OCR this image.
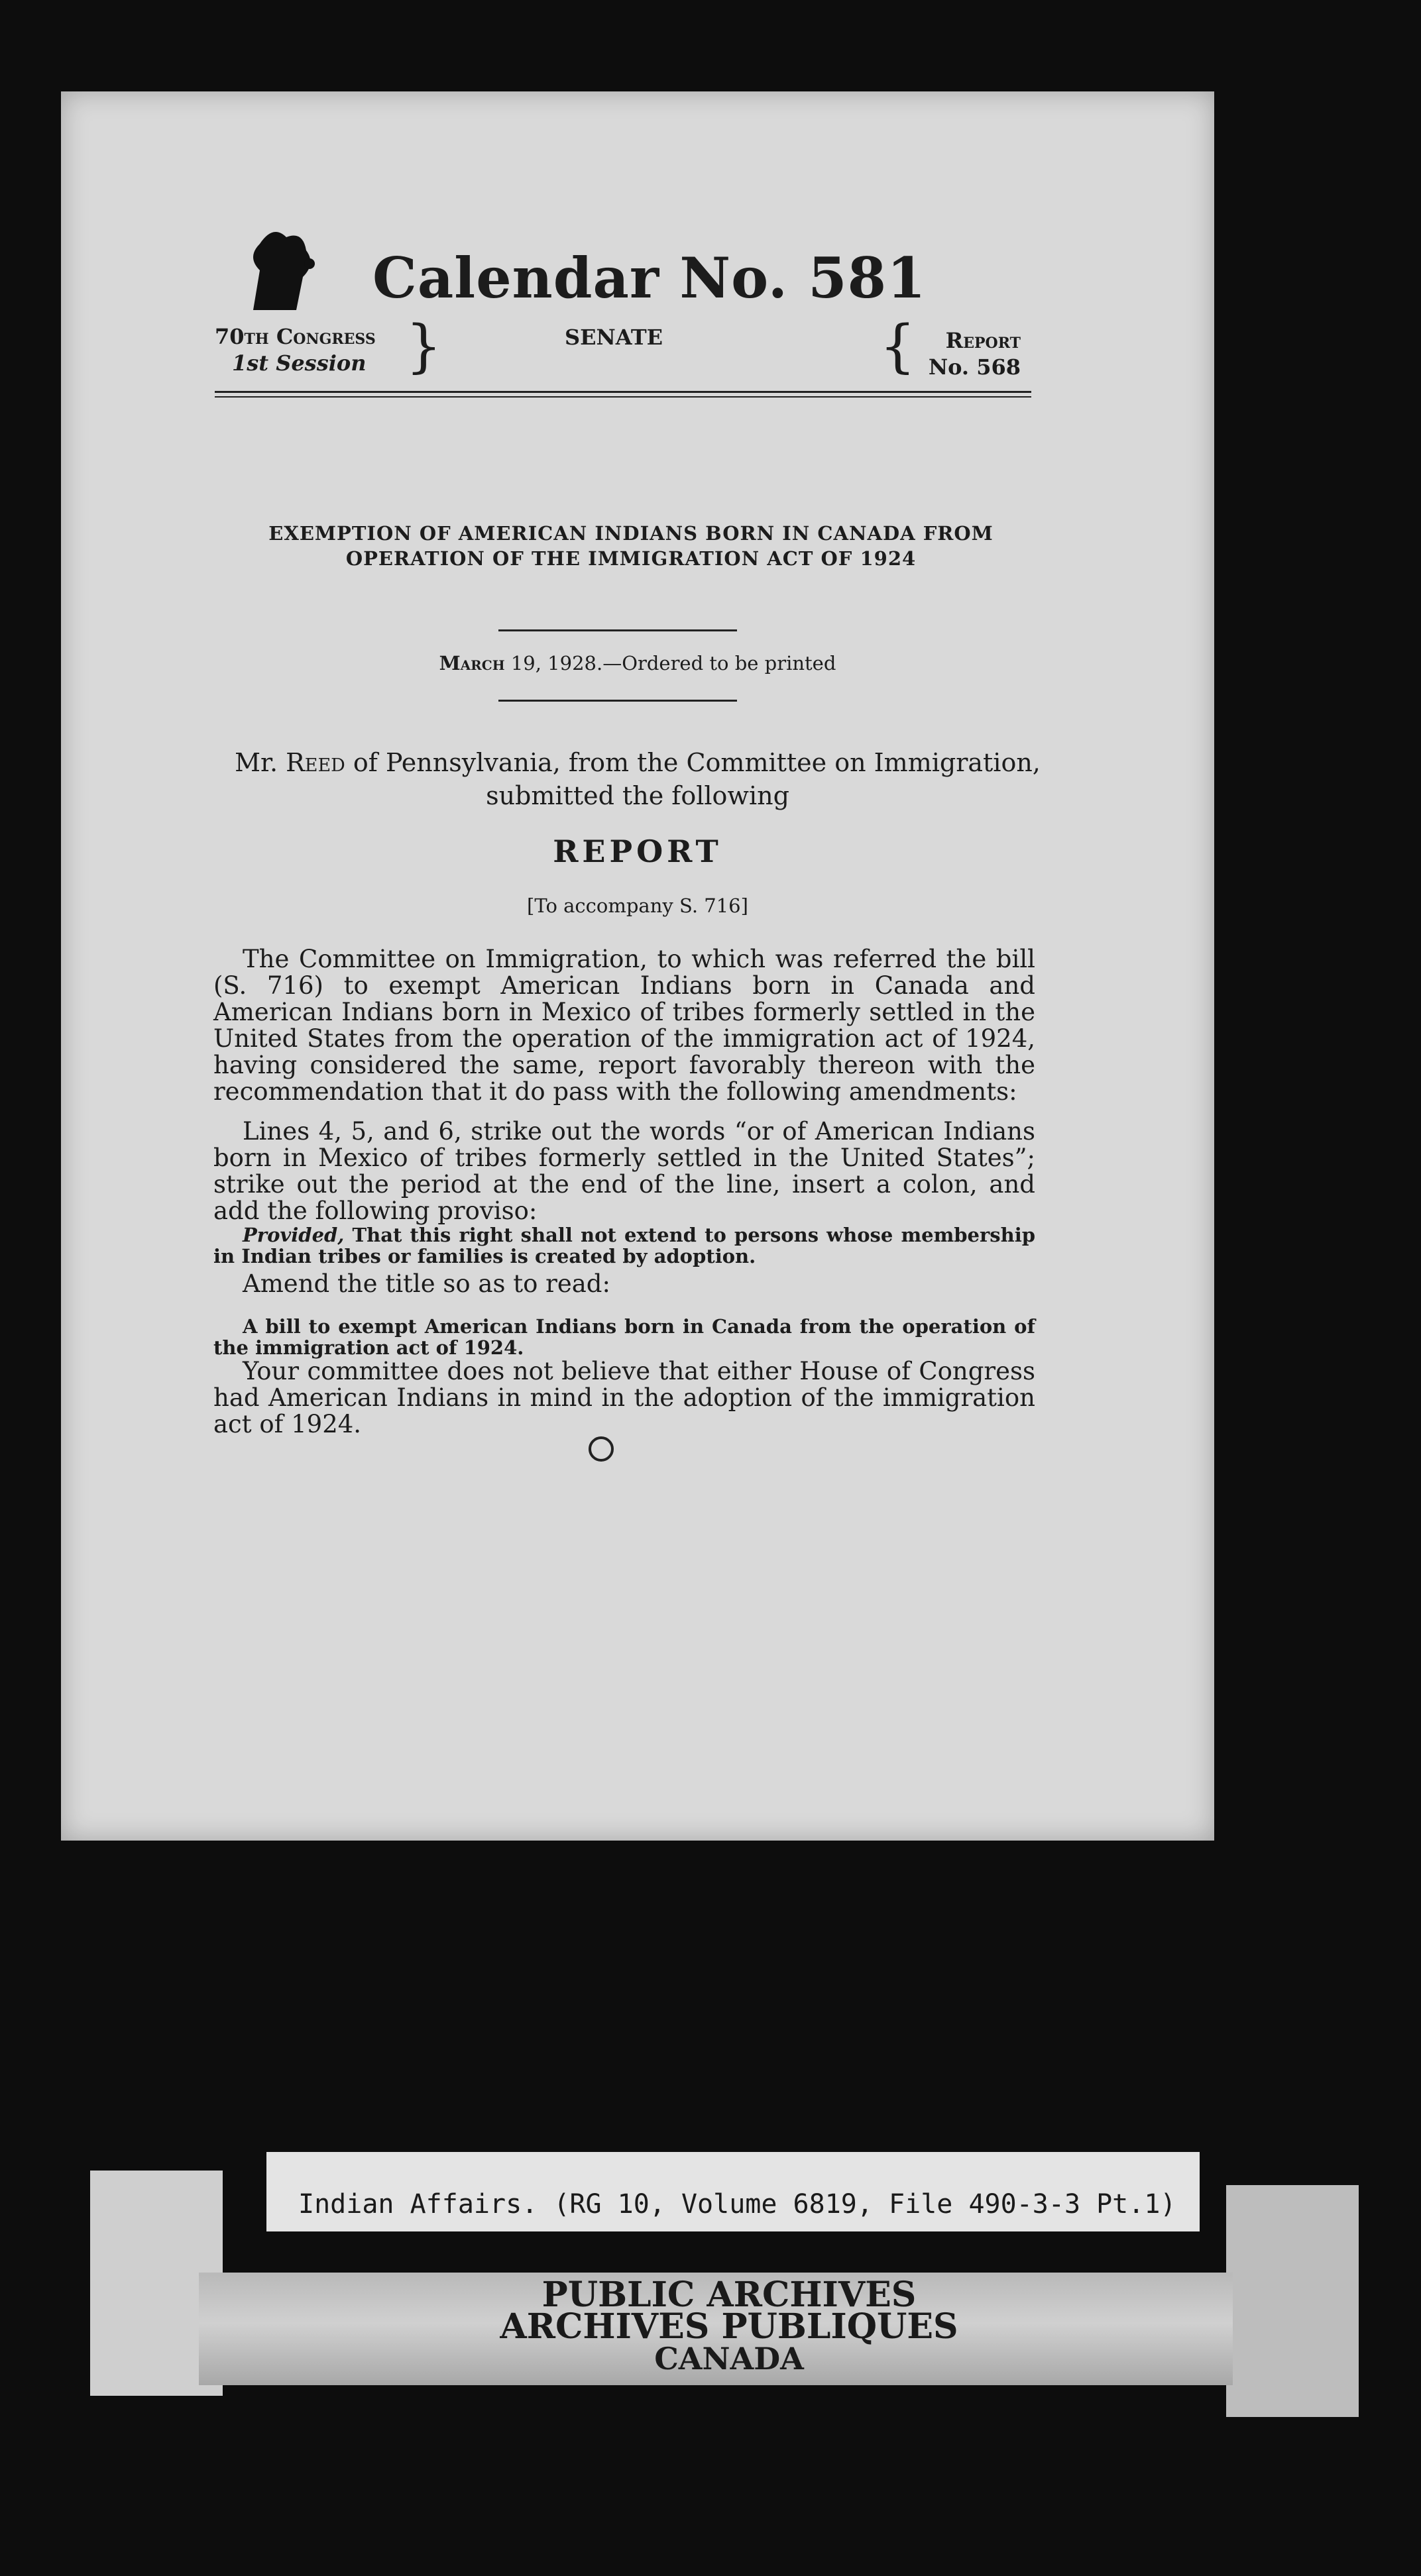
Calendar No. 581
70th Congress
1st Session }	SENATE	{	Report
No. 568
EXEMPTION OF AMERICAN INDIANS BORN IN CANADA FROM
OPERATION OF THE IMMIGRATION ACT OF 1924
March 19, 1928.—Ordered to be printed
Mr. Reed of Pennsylvania, from the Committee on Immigration,
submitted the following
REPORT
[To accompany S. 716]
The Committee on Immigration, to which was referred the bill (S. 716) to exempt American Indians born in Canada and American Indians born in Mexico of tribes formerly settled in the United States from the operation of the immigration act of 1924, having considered the same, report favorably thereon with the recommendation that it do pass with the following amendments:
Lines 4, 5, and 6, strike out the words “or of American Indians born in Mexico of tribes formerly settled in the United States”; strike out the period at the end of the line, insert a colon, and add the following proviso:
Provided, That this right shall not extend to persons whose membership in Indian tribes or families is created by adoption.
Amend the title so as to read:
A bill to exempt American Indians born in Canada from the operation of the immigration act of 1924.
Your committee does not believe that either House of Congress had American Indians in mind in the adoption of the immigration act of 1924.
Indian Affairs. (RG 10, Volume 6819, File 490-3-3 Pt.1)
PUBLIC ARCHIVES
ARCHIVES PUBLIQUES
CANADA
